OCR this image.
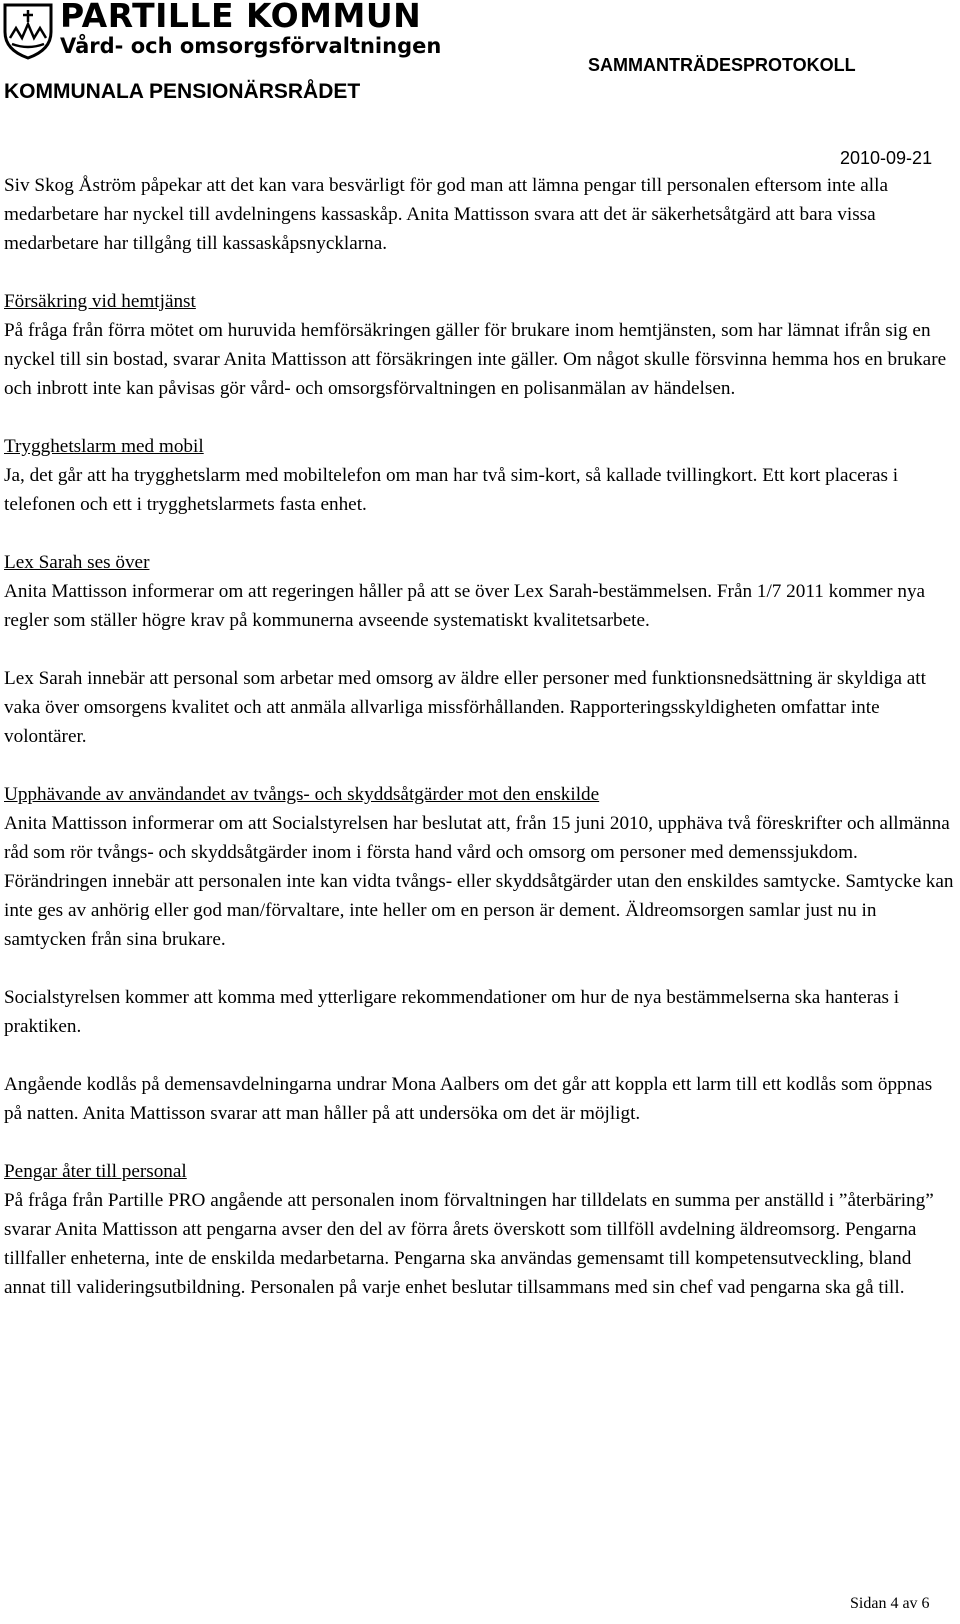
PARTILLE KOMMUN
Vård- och omsorgsförvaltningen
KOMMUNALA PENSIONÄRSRÅDET
SAMMANTRÄDESPROTOKOLL
2010-09-21

Siv Skog Åström påpekar att det kan vara besvärligt för god man att lämna pengar till personalen eftersom inte alla medarbetare har nyckel till avdelningens kassaskåp. Anita Mattisson svara att det är säkerhetsåtgärd att bara vissa medarbetare har tillgång till kassaskåpsnycklarna.

Försäkring vid hemtjänst

På fråga från förra mötet om huruvida hemförsäkringen gäller för brukare inom hemtjänsten, som har lämnat ifrån sig en nyckel till sin bostad, svarar Anita Mattisson att försäkringen inte gäller. Om något skulle försvinna hemma hos en brukare och inbrott inte kan påvisas gör vård- och omsorgsförvaltningen en polisanmälan av händelsen.

Trygghetslarm med mobil

Ja, det går att ha trygghetslarm med mobiltelefon om man har två sim-kort, så kallade tvillingkort. Ett kort placeras i telefonen och ett i trygghetslarmets fasta enhet.

Lex Sarah ses över

Anita Mattisson informerar om att regeringen håller på att se över Lex Sarah-bestämmelsen. Från 1/7 2011 kommer nya regler som ställer högre krav på kommunerna avseende systematiskt kvalitetsarbete.

Lex Sarah innebär att personal som arbetar med omsorg av äldre eller personer med funktionsnedsättning är skyldiga att vaka över omsorgens kvalitet och att anmäla allvarliga missförhållanden. Rapporteringsskyldigheten omfattar inte volontärer.

Upphävande av användandet av tvångs- och skyddsåtgärder mot den enskilde

Anita Mattisson informerar om att Socialstyrelsen har beslutat att, från 15 juni 2010, upphäva två föreskrifter och allmänna råd som rör tvångs- och skyddsåtgärder inom i första hand vård och omsorg om personer med demenssjukdom. Förändringen innebär att personalen inte kan vidta tvångs- eller skyddsåtgärder utan den enskildes samtycke. Samtycke kan inte ges av anhörig eller god man/förvaltare, inte heller om en person är dement. Äldreomsorgen samlar just nu in samtycken från sina brukare.

Socialstyrelsen kommer att komma med ytterligare rekommendationer om hur de nya bestämmelserna ska hanteras i praktiken.

Angående kodlås på demensavdelningarna undrar Mona Aalbers om det går att koppla ett larm till ett kodlås som öppnas på natten. Anita Mattisson svarar att man håller på att undersöka om det är möjligt.

Pengar åter till personal

På fråga från Partille PRO angående att personalen inom förvaltningen har tilldelats en summa per anställd i ”återbäring” svarar Anita Mattisson att pengarna avser den del av förra årets överskott som tillföll avdelning äldreomsorg. Pengarna tillfaller enheterna, inte de enskilda medarbetarna. Pengarna ska användas gemensamt till kompetensutveckling, bland annat till valideringsutbildning. Personalen på varje enhet beslutar tillsammans med sin chef vad pengarna ska gå till.

Sidan 4 av 6
